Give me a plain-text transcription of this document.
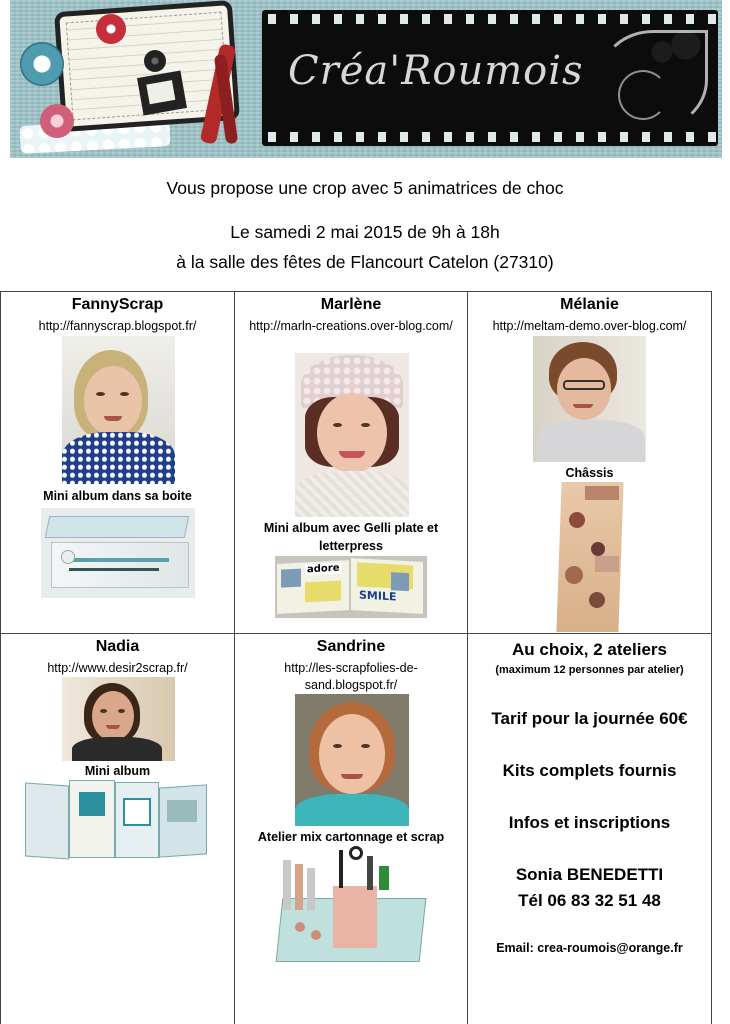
Créa'Roumois
Vous propose une crop avec 5 animatrices de choc
Le samedi 2 mai 2015 de 9h à 18h
à la salle des fêtes de Flancourt Catelon (27310)
FannyScrap
http://fannyscrap.blogspot.fr/
Mini album dans sa boite
Marlène
http://marln-creations.over-blog.com/
Mini album avec Gelli plate et letterpress
adore
SMILE
Mélanie
http://meltam-demo.over-blog.com/
Châssis
Nadia
http://www.desir2scrap.fr/
Mini album
Sandrine
http://les-scrapfolies-de-sand.blogspot.fr/
Atelier mix cartonnage et scrap
Au choix, 2 ateliers
(maximum 12 personnes par atelier)
Tarif pour la journée 60€
Kits complets fournis
Infos et inscriptions
Sonia BENEDETTI
Tél 06 83 32 51 48
Email: crea-roumois@orange.fr
